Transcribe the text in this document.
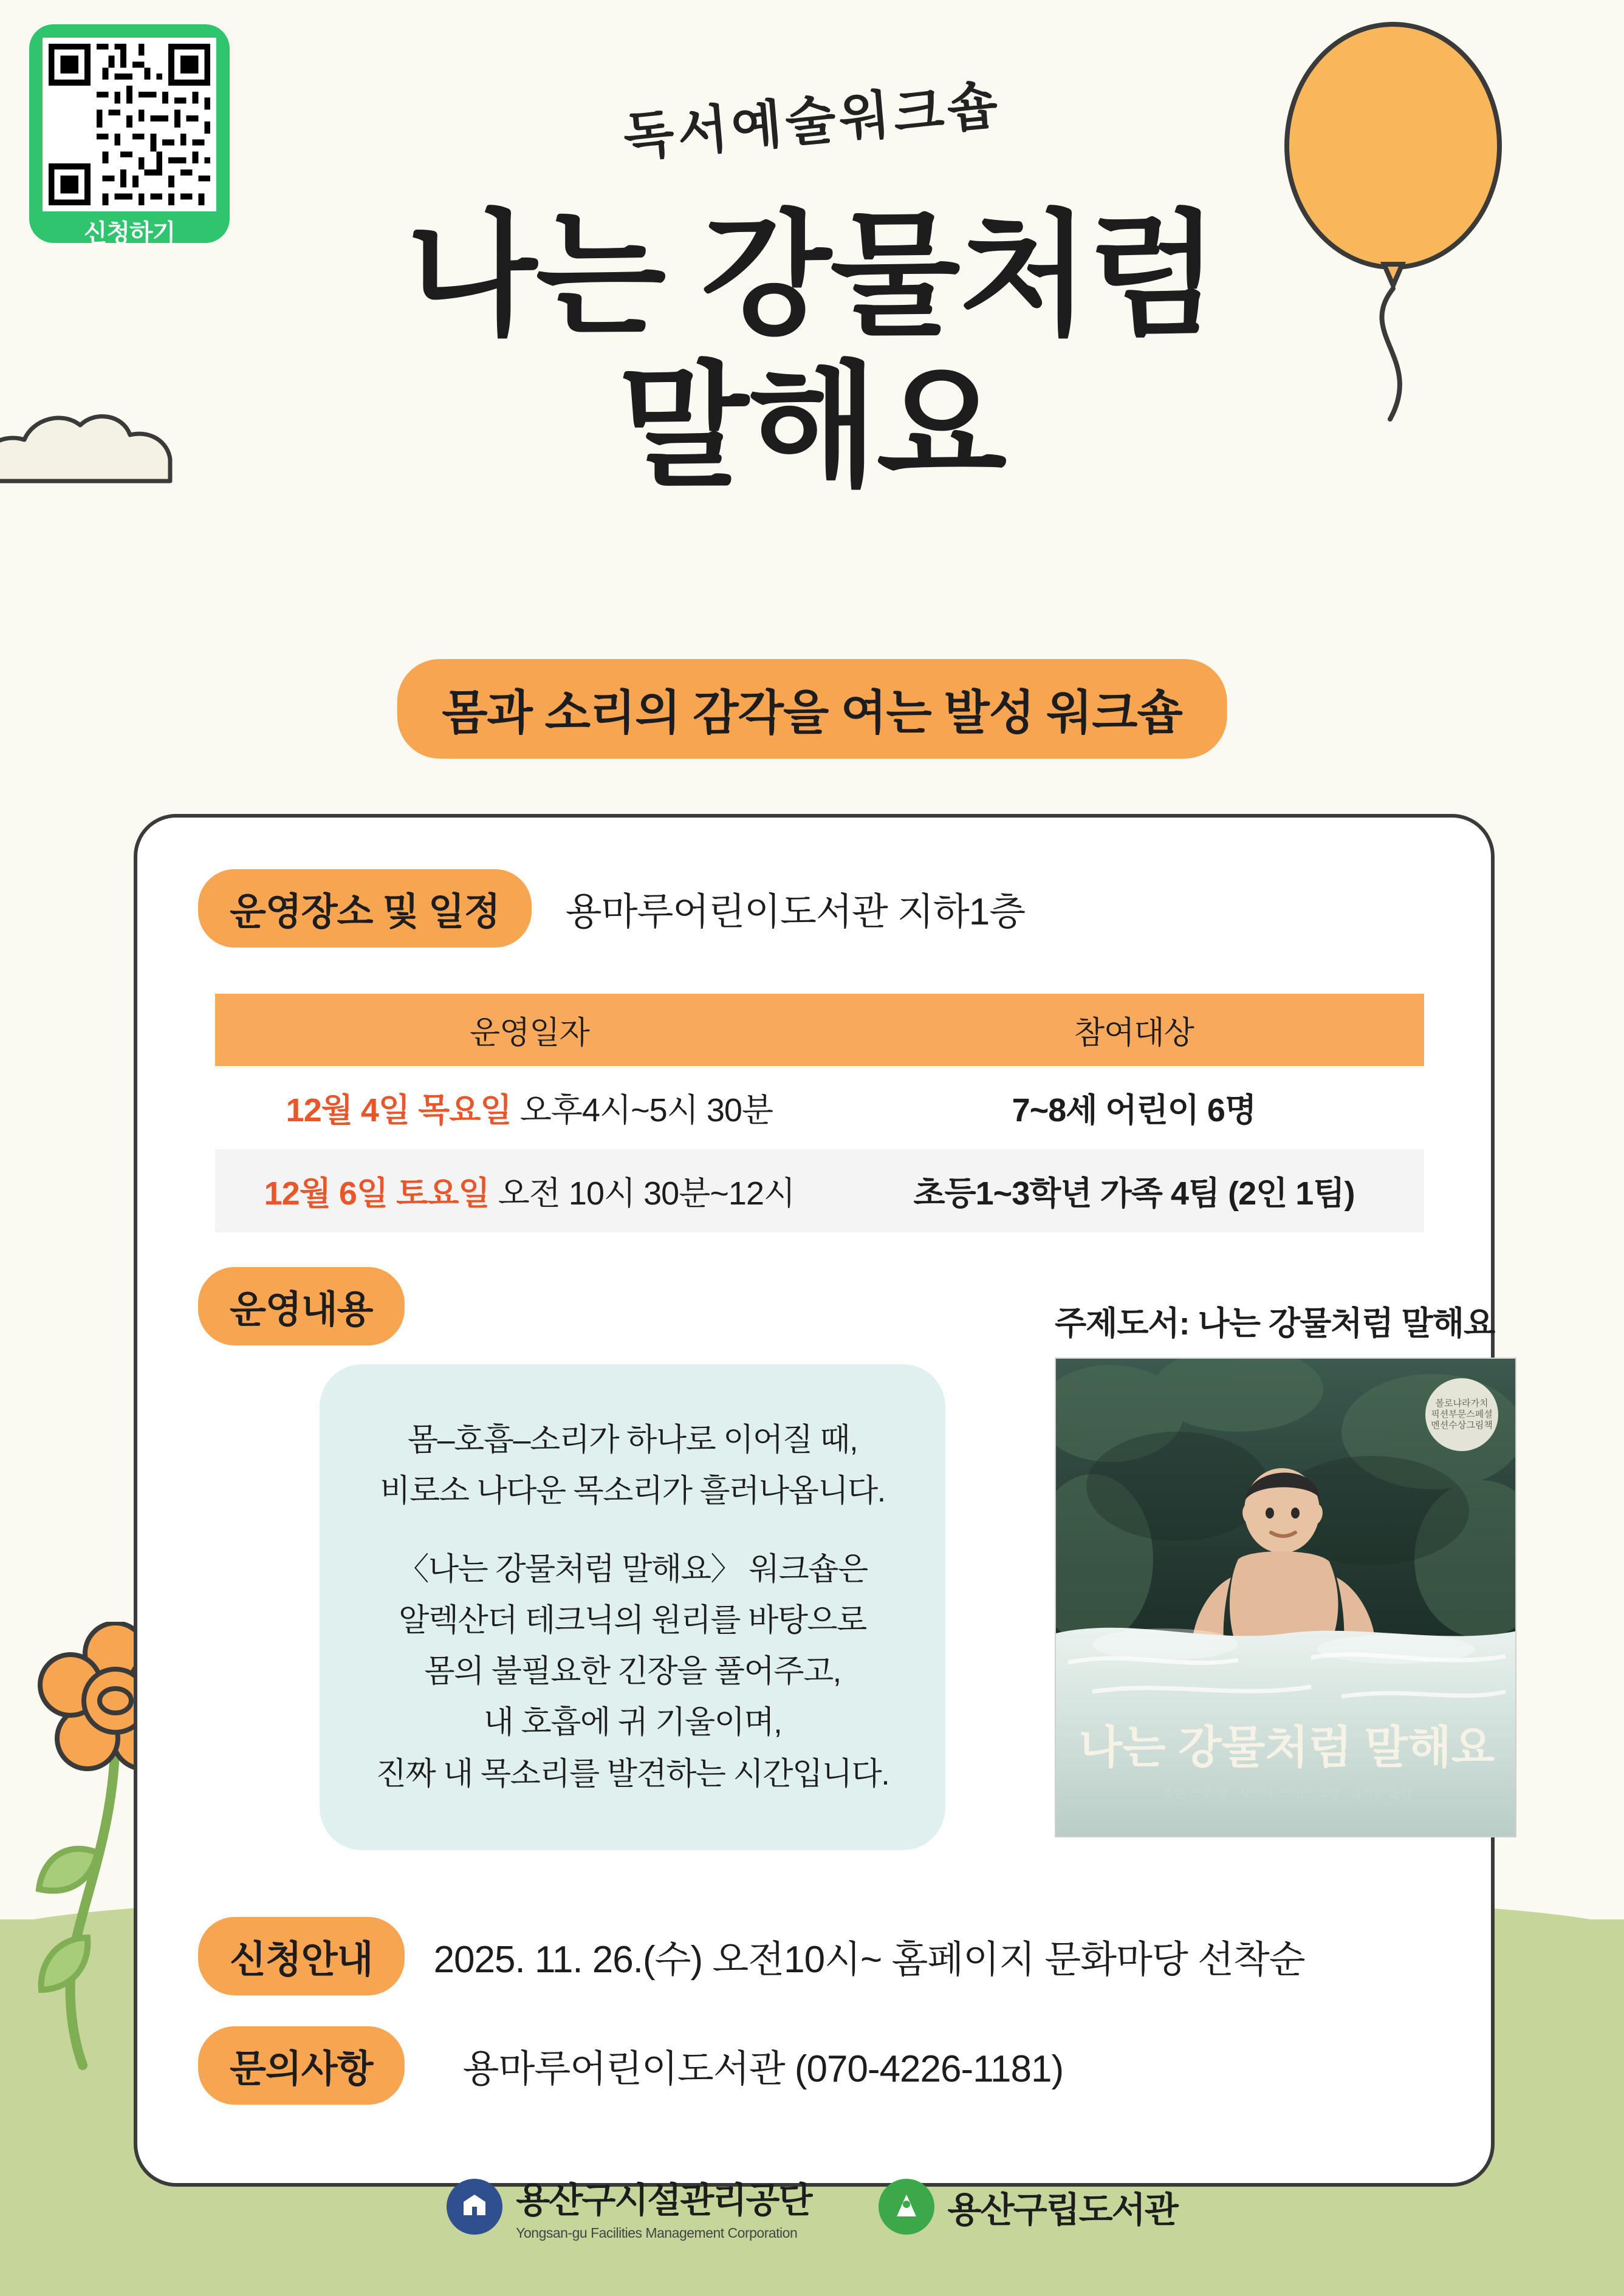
신청하기
독서예술워크숍
나는 강물처럼
말해요
몸과 소리의 감각을 여는 발성 워크숍
운영장소 및 일정	용마루어린이도서관 지하1층
운영일자	참여대상
12월 4일 목요일 오후4시~5시 30분	7~8세 어린이 6명
12월 6일 토요일 오전 10시 30분~12시	초등1~3학년 가족 4팀 (2인 1팀)
운영내용
몸–호흡–소리가 하나로 이어질 때,
비로소 나다운 목소리가 흘러나옵니다.
〈나는 강물처럼 말해요〉 워크숍은
알렉산더 테크닉의 원리를 바탕으로
몸의 불필요한 긴장을 풀어주고,
내 호흡에 귀 기울이며,
진짜 내 목소리를 발견하는 시간입니다.
주제도서: 나는 강물처럼 말해요
볼로냐라가치
픽션부문스페셜
멘션수상그림책
나는 강물처럼 말해요
조던 스콧 글 · 시드니 스미스 그림 · 김지은 옮김
신청안내	2025. 11. 26.(수) 오전10시~ 홈페이지 문화마당 선착순
문의사항	용마루어린이도서관 (070-4226-1181)
용산구시설관리공단
Yongsan-gu Facilities Management Corporation
용산구립도서관
